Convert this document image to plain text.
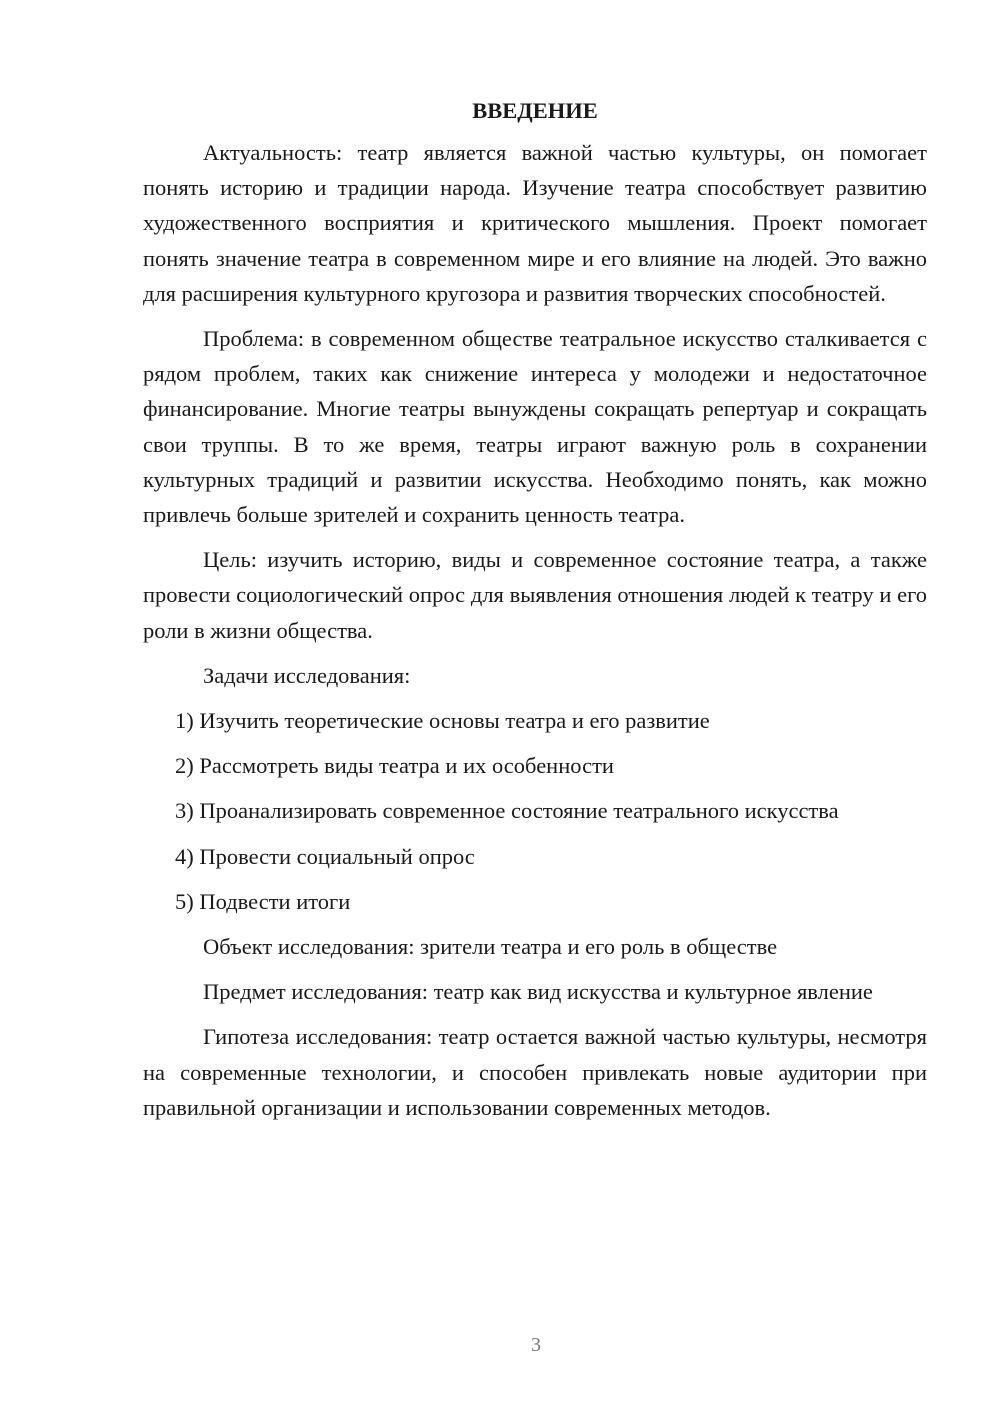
ВВЕДЕНИЕ

Актуальность: театр является важной частью культуры, он помогает понять историю и традиции народа. Изучение театра способствует развитию художественного восприятия и критического мышления. Проект помогает понять значение театра в современном мире и его влияние на людей. Это важно для расширения культурного кругозора и развития творческих способностей.

Проблема: в современном обществе театральное искусство сталкивается с рядом проблем, таких как снижение интереса у молодежи и недостаточное финансирование. Многие театры вынуждены сокращать репертуар и сокращать свои труппы. В то же время, театры играют важную роль в сохранении культурных традиций и развитии искусства. Необходимо понять, как можно привлечь больше зрителей и сохранить ценность театра.

Цель: изучить историю, виды и современное состояние театра, а также провести социологический опрос для выявления отношения людей к театру и его роли в жизни общества.

Задачи исследования:

1) Изучить теоретические основы театра и его развитие
2) Рассмотреть виды театра и их особенности
3) Проанализировать современное состояние театрального искусства
4) Провести социальный опрос
5) Подвести итоги

Объект исследования: зрители театра и его роль в обществе

Предмет исследования: театр как вид искусства и культурное явление

Гипотеза исследования: театр остается важной частью культуры, несмотря на современные технологии, и способен привлекать новые аудитории при правильной организации и использовании современных методов.

3
